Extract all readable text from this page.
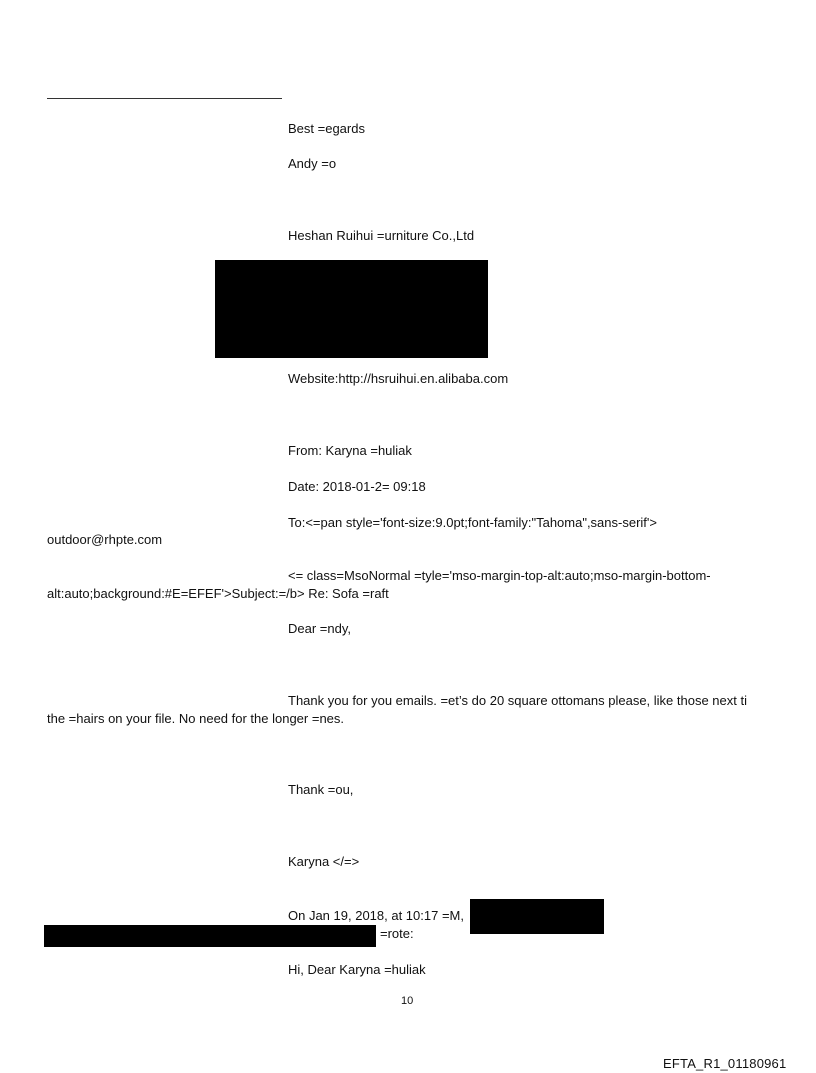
Best =egards
Andy =o
Heshan Ruihui =urniture Co.,Ltd
Website:http://hsruihui.en.alibaba.com
From: Karyna =huliak
Date: 2018-01-2= 09:18
To:<=pan style='font-size:9.0pt;font-family:"Tahoma",sans-serif'>
outdoor@rhpte.com
<= class=MsoNormal =tyle='mso-margin-top-alt:auto;mso-margin-bottom-
alt:auto;background:#E=EFEF'>Subject:=/b> Re: Sofa =raft
Dear =ndy,
Thank you for you emails. =et’s do 20 square ottomans please, like those next ti
the =hairs on your file. No need for the longer =nes.
Thank =ou,
Karyna </=>
On Jan 19, 2018, at 10:17 =M,
=rote:
Hi, Dear Karyna =huliak
10
EFTA_R1_01180961
